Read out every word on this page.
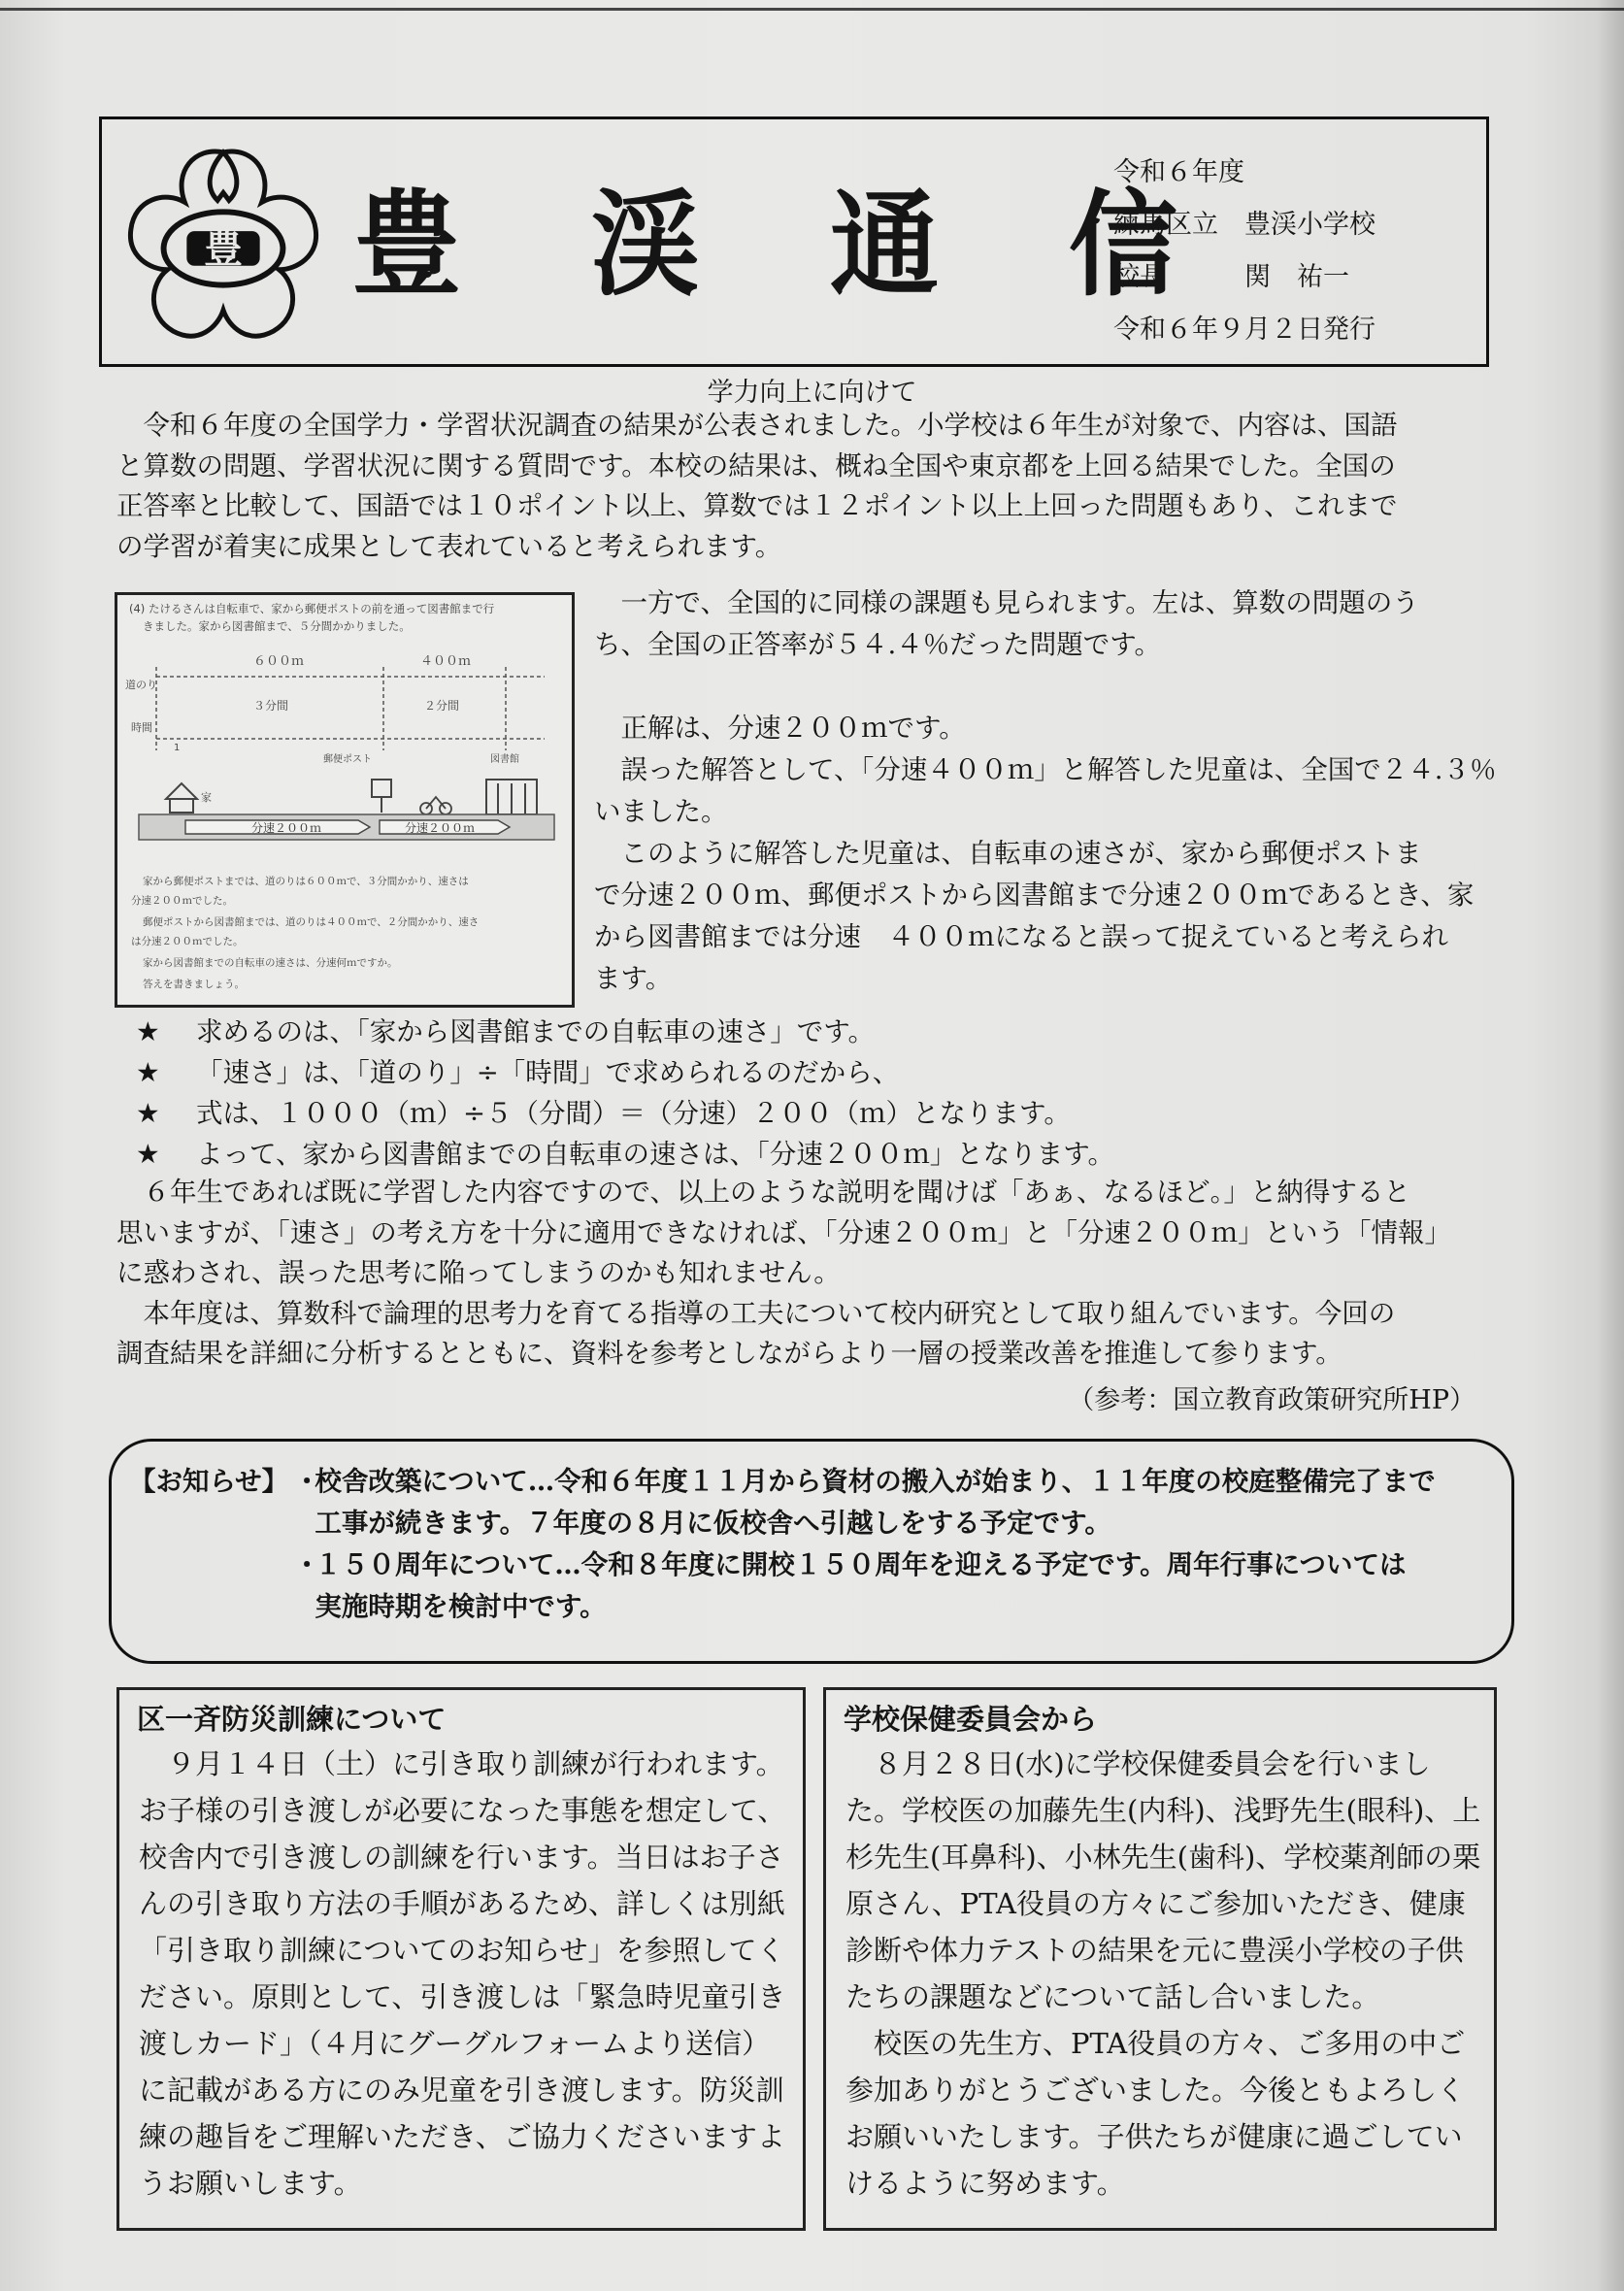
豊 豊 渓 通 信
令和６年度
練馬区立　豊渓小学校
校長　　　関　祐一
令和６年９月２日発行
学力向上に向けて
令和６年度の全国学力・学習状況調査の結果が公表されました。小学校は６年生が対象で、内容は、国語
と算数の問題、学習状況に関する質問です。本校の結果は、概ね全国や東京都を上回る結果でした。全国の
正答率と比較して、国語では１０ポイント以上、算数では１２ポイント以上上回った問題もあり、これまで
の学習が着実に成果として表れていると考えられます。
(4) たけるさんは自転車で、家から郵便ポストの前を通って図書館まで行
きました。家から図書館まで、５分間かかりました。
６００ｍ	４００ｍ
道のり
時間
３分間	２分間
1
家
郵便ポスト	図書館
分速２００ｍ	分速２００ｍ
家から郵便ポストまでは、道のりは６００ｍで、３分間かかり、速さは
分速２００ｍでした。
郵便ポストから図書館までは、道のりは４００ｍで、２分間かかり、速さ
は分速２００ｍでした。
家から図書館までの自転車の速さは、分速何ｍですか。
答えを書きましょう。

　一方で、全国的に同様の課題も見られます。左は、算数の問題のう

ち、全国の正答率が５４.４％だった問題です。

　正解は、分速２００ｍです。

　誤った解答として、「分速４００ｍ」と解答した児童は、全国で２４.３％

いました。

　このように解答した児童は、自転車の速さが、家から郵便ポストま

で分速２００ｍ、郵便ポストから図書館まで分速２００ｍであるとき、家

から図書館までは分速　４００ｍになると誤って捉えていると考えられ

ます。

★	求めるのは、「家から図書館までの自転車の速さ」です。
★	「速さ」は、「道のり」÷「時間」で求められるのだから、
★	式は、１０００（ｍ）÷５（分間）＝（分速）２００（ｍ）となります。
★	よって、家から図書館までの自転車の速さは、「分速２００ｍ」となります。
　６年生であれば既に学習した内容ですので、以上のような説明を聞けば「あぁ、なるほど。」と納得すると
思いますが、「速さ」の考え方を十分に適用できなければ、「分速２００ｍ」と「分速２００ｍ」という「情報」
に惑わされ、誤った思考に陥ってしまうのかも知れません。
　本年度は、算数科で論理的思考力を育てる指導の工夫について校内研究として取り組んでいます。今回の
調査結果を詳細に分析するとともに、資料を参考としながらより一層の授業改善を推進して参ります。
（参考：国立教育政策研究所HP）
【お知らせ】 ・
校舎改築について…令和６年度１１月から資材の搬入が始まり、１１年度の校庭整備完了まで
工事が続きます。７年度の８月に仮校舎へ引越しをする予定です。
・
１５０周年について…令和８年度に開校１５０周年を迎える予定です。周年行事については
実施時期を検討中です。
区一斉防災訓練について
　９月１４日（土）に引き取り訓練が行われます。
お子様の引き渡しが必要になった事態を想定して、
校舎内で引き渡しの訓練を行います。当日はお子さ
んの引き取り方法の手順があるため、詳しくは別紙
「引き取り訓練についてのお知らせ」を参照してく
ださい。原則として、引き渡しは「緊急時児童引き
渡しカード」（４月にグーグルフォームより送信）
に記載がある方にのみ児童を引き渡します。防災訓
練の趣旨をご理解いただき、ご協力くださいますよ
うお願いします。
学校保健委員会から
　８月２８日(水)に学校保健委員会を行いまし
た。学校医の加藤先生(内科)、浅野先生(眼科)、上
杉先生(耳鼻科)、小林先生(歯科)、学校薬剤師の栗
原さん、PTA役員の方々にご参加いただき、健康
診断や体力テストの結果を元に豊渓小学校の子供
たちの課題などについて話し合いました。
　校医の先生方、PTA役員の方々、ご多用の中ご
参加ありがとうございました。今後ともよろしく
お願いいたします。子供たちが健康に過ごしてい
けるように努めます。
